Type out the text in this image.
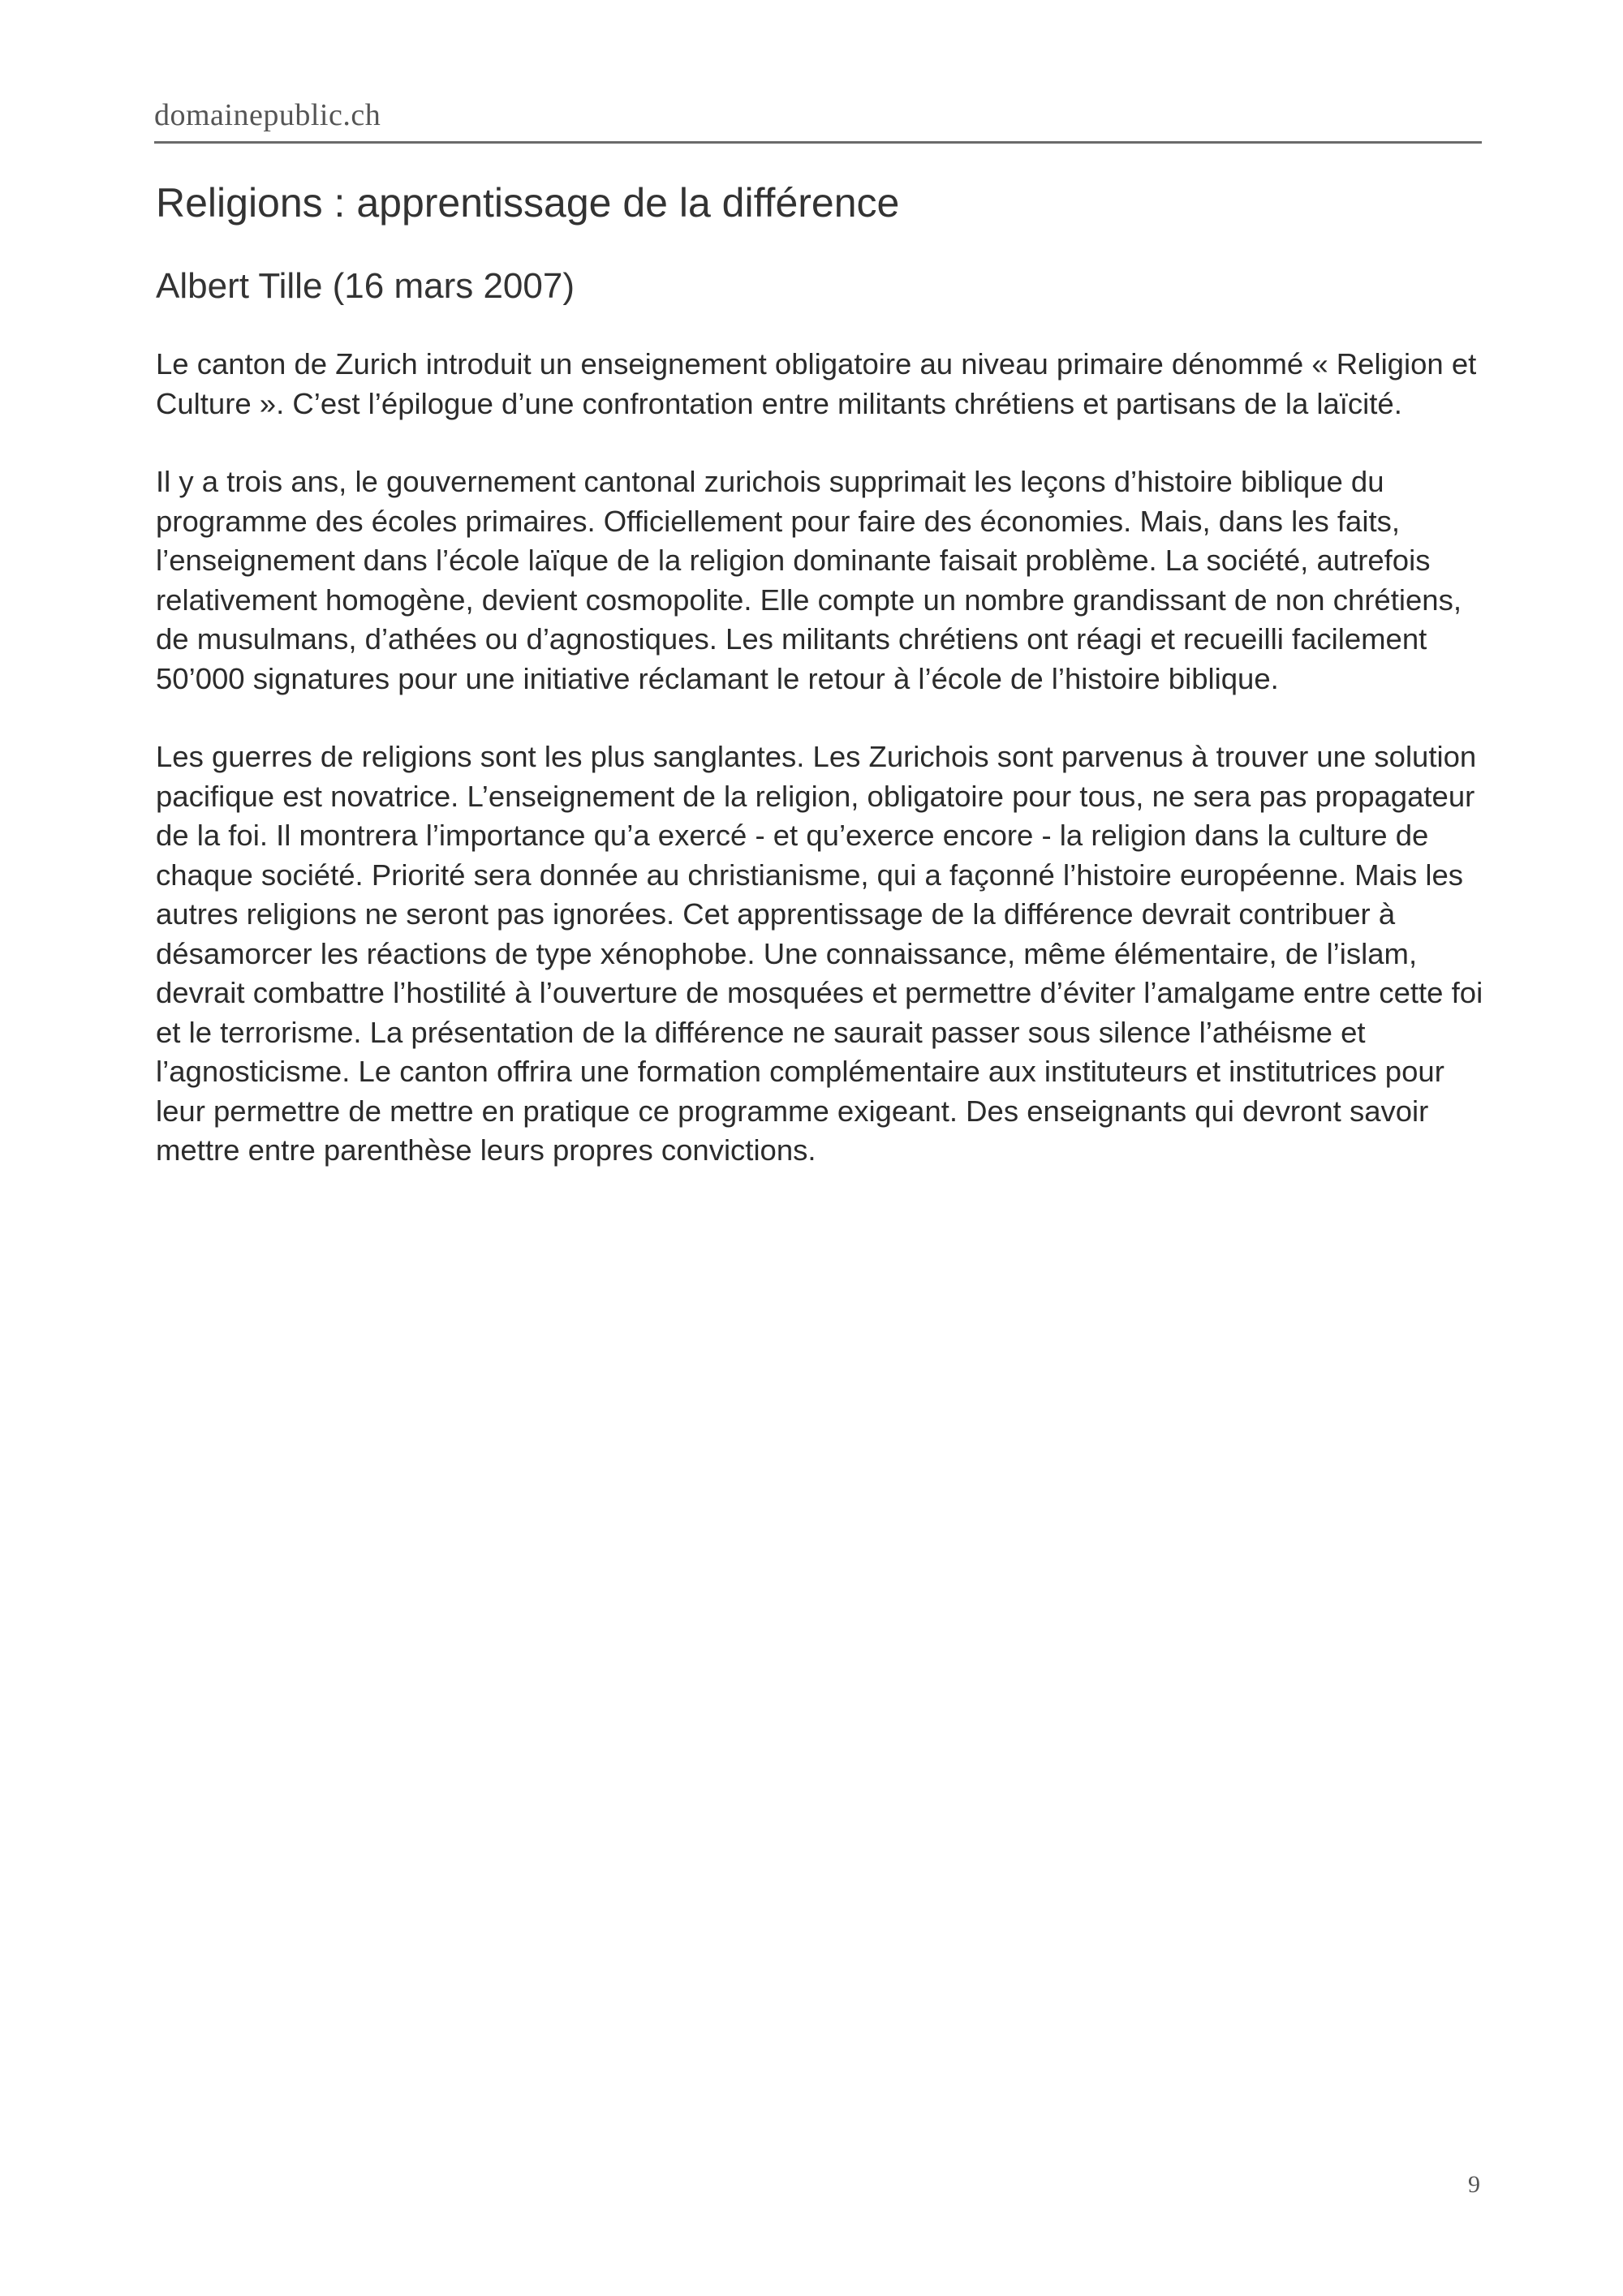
domainepublic.ch
Religions : apprentissage de la différence

Albert Tille (16 mars 2007)

Le canton de Zurich introduit un enseignement obligatoire au niveau primaire dénommé « Religion et Culture ». C’est l’épilogue d’une confrontation entre militants chrétiens et partisans de la laïcité.

Il y a trois ans, le gouvernement cantonal zurichois supprimait les leçons d’histoire biblique du programme des écoles primaires. Officiellement pour faire des économies. Mais, dans les faits, l’enseignement dans l’école laïque de la religion dominante faisait problème. La société, autrefois relativement homogène, devient cosmopolite. Elle compte un nombre grandissant de non chrétiens, de musulmans, d’athées ou d’agnostiques. Les militants chrétiens ont réagi et recueilli facilement 50’000 signatures pour une initiative réclamant le retour à l’école de l’histoire biblique.

Les guerres de religions sont les plus sanglantes. Les Zurichois sont parvenus à trouver une solution pacifique est novatrice. L’enseignement de la religion, obligatoire pour tous, ne sera pas propagateur de la foi. Il montrera l’importance qu’a exercé - et qu’exerce encore - la religion dans la culture de chaque société. Priorité sera donnée au christianisme, qui a façonné l’histoire européenne. Mais les autres religions ne seront pas ignorées. Cet apprentissage de la différence devrait contribuer à désamorcer les réactions de type xénophobe. Une connaissance, même élémentaire, de l’islam, devrait combattre l’hostilité à l’ouverture de mosquées et permettre d’éviter l’amalgame entre cette foi et le terrorisme. La présentation de la différence ne saurait passer sous silence l’athéisme et l’agnosticisme. Le canton offrira une formation complémentaire aux instituteurs et institutrices pour leur permettre de mettre en pratique ce programme exigeant. Des enseignants qui devront savoir mettre entre parenthèse leurs propres convictions.

9
